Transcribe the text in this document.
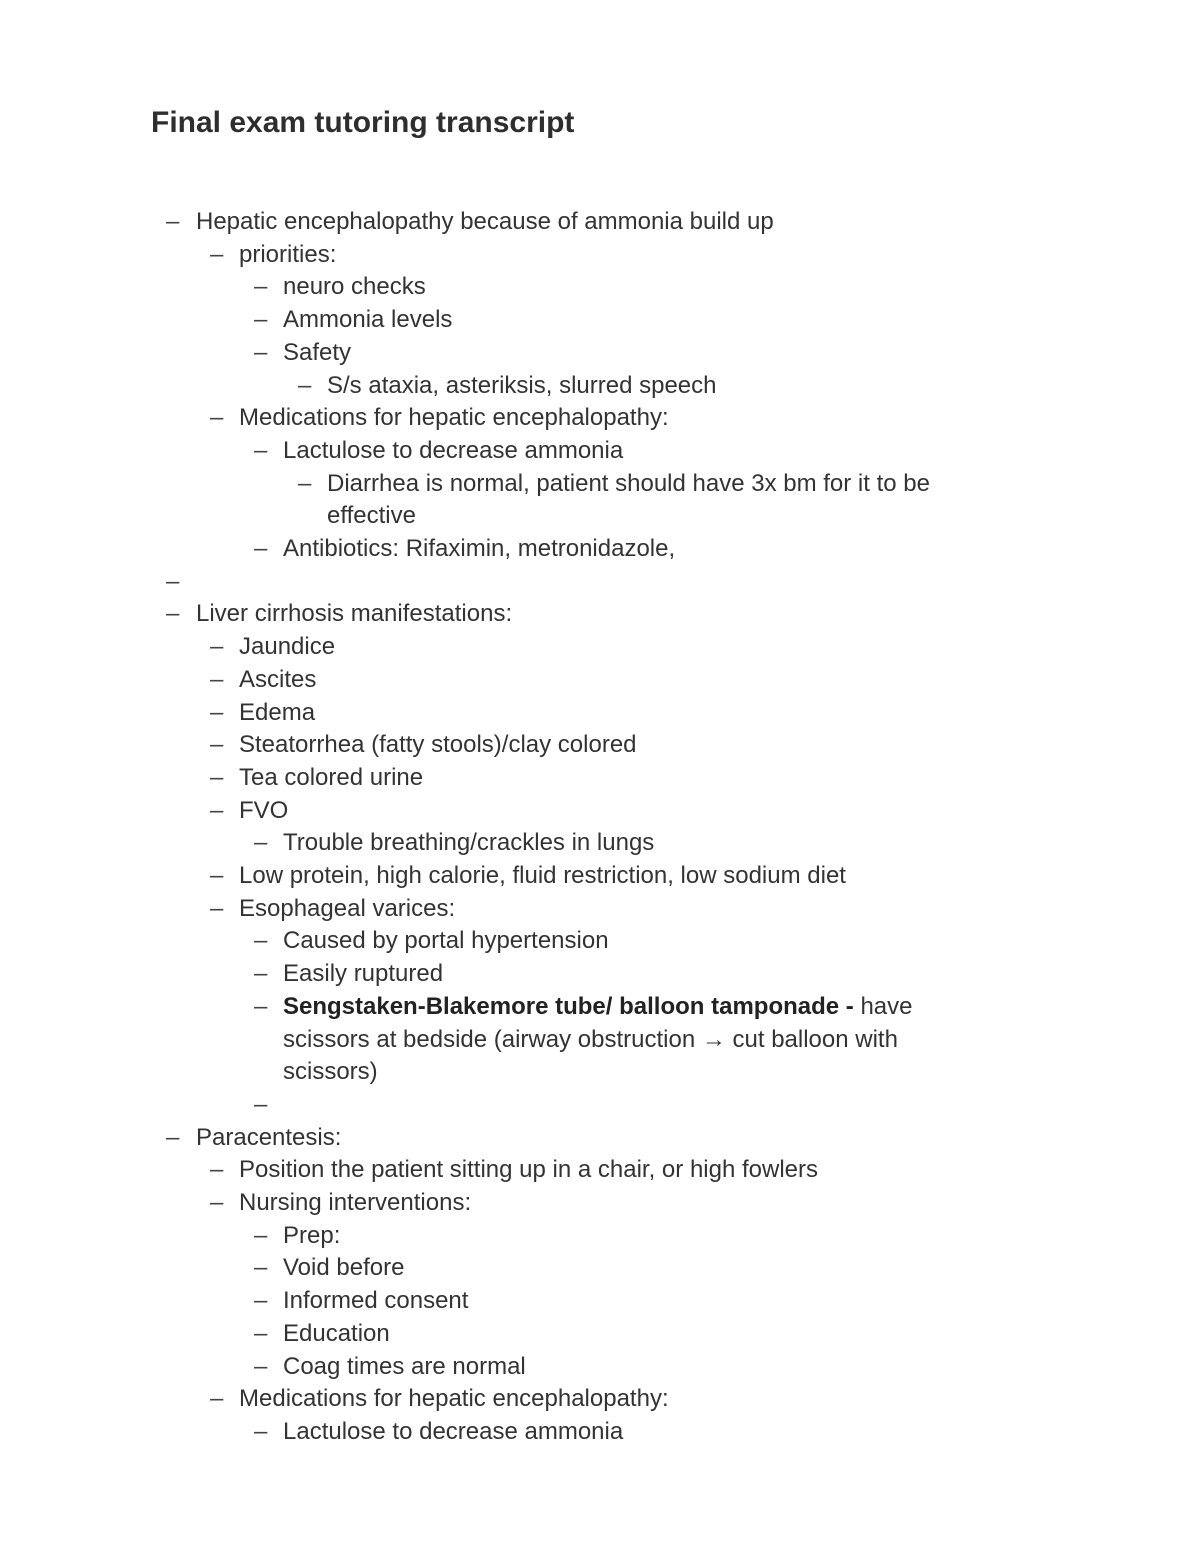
Final exam tutoring transcript
– Hepatic encephalopathy because of ammonia build up
– priorities:
– neuro checks
– Ammonia levels
– Safety
– S/s ataxia, asteriksis, slurred speech
– Medications for hepatic encephalopathy:
– Lactulose to decrease ammonia
– Diarrhea is normal, patient should have 3x bm for it to be effective
– Antibiotics: Rifaximin, metronidazole,
–
– Liver cirrhosis manifestations:
– Jaundice
– Ascites
– Edema
– Steatorrhea (fatty stools)/clay colored
– Tea colored urine
– FVO
– Trouble breathing/crackles in lungs
– Low protein, high calorie, fluid restriction, low sodium diet
– Esophageal varices:
– Caused by portal hypertension
– Easily ruptured
– Sengstaken-Blakemore tube/ balloon tamponade - have scissors at bedside (airway obstruction → cut balloon with scissors)
–
– Paracentesis:
– Position the patient sitting up in a chair, or high fowlers
– Nursing interventions:
– Prep:
– Void before
– Informed consent
– Education
– Coag times are normal
– Medications for hepatic encephalopathy:
– Lactulose to decrease ammonia
